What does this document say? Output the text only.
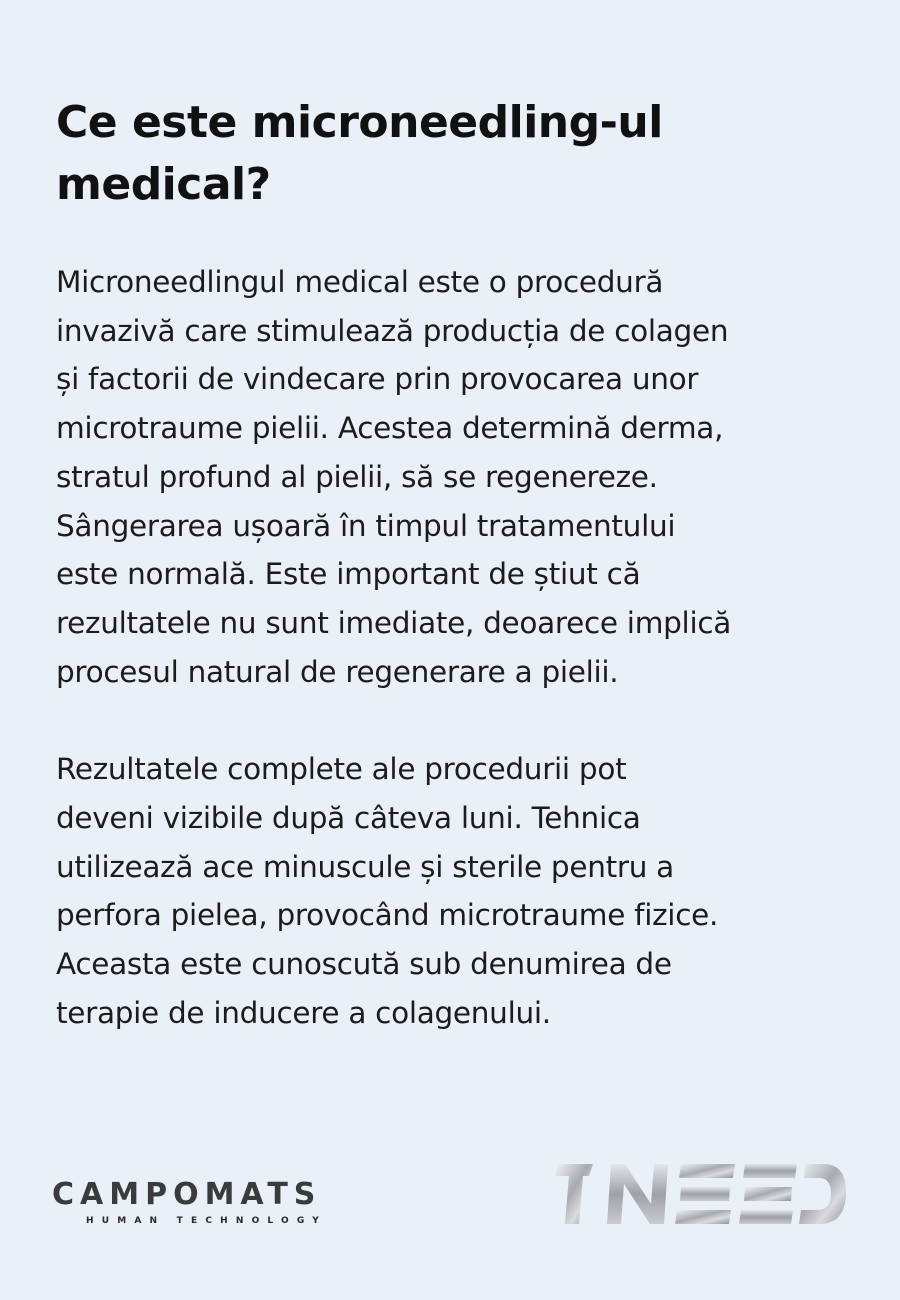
Ce este microneedling-ul
medical?

Microneedlingul medical este o procedură
invazivă care stimulează producția de colagen
și factorii de vindecare prin provocarea unor
microtraume pielii. Acestea determină derma,
stratul profund al pielii, să se regenereze.
Sângerarea ușoară în timpul tratamentului
este normală. Este important de știut că
rezultatele nu sunt imediate, deoarece implică
procesul natural de regenerare a pielii.

Rezultatele complete ale procedurii pot
deveni vizibile după câteva luni. Tehnica
utilizează ace minuscule și sterile pentru a
perfora pielea, provocând microtraume fizice.
Aceasta este cunoscută sub denumirea de
terapie de inducere a colagenului.

CAMPOMATS
HUMAN TECHNOLOGY
